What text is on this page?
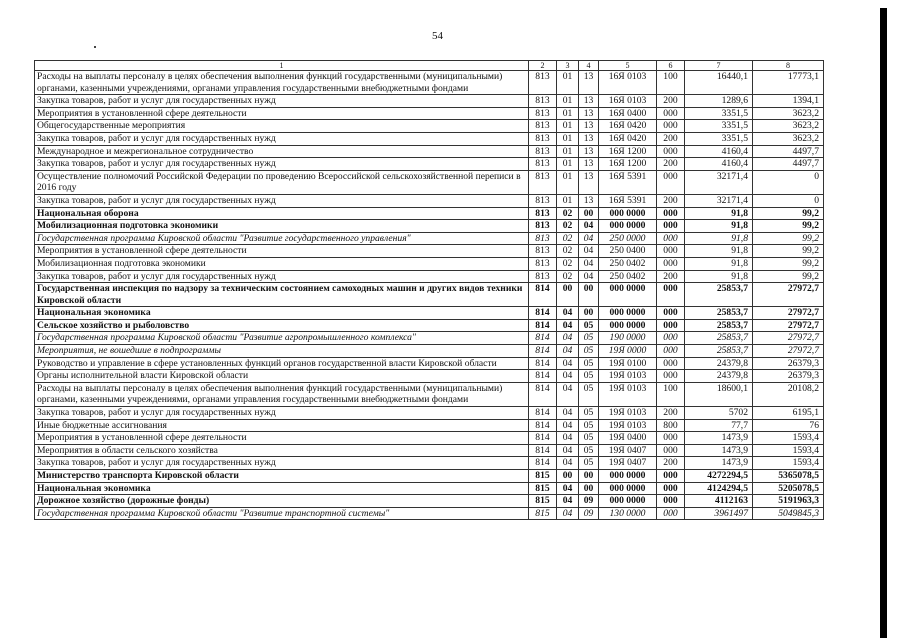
54
1	2	3	4	5	6	7	8
Расходы на выплаты персоналу в целях обеспечения выполнения функций государственными (муниципальными) органами, казенными учреждениями, органами управления государственными внебюджетными фондами	813	01	13	16Я 0103	100	16440,1	17773,1
Закупка товаров, работ и услуг для государственных нужд	813	01	13	16Я 0103	200	1289,6	1394,1
Мероприятия в установленной сфере деятельности	813	01	13	16Я 0400	000	3351,5	3623,2
Общегосударственные мероприятия	813	01	13	16Я 0420	000	3351,5	3623,2
Закупка товаров, работ и услуг для государственных нужд	813	01	13	16Я 0420	200	3351,5	3623,2
Международное и межрегиональное сотрудничество	813	01	13	16Я 1200	000	4160,4	4497,7
Закупка товаров, работ и услуг для государственных нужд	813	01	13	16Я 1200	200	4160,4	4497,7
Осуществление полномочий Российской Федерации по проведению Всероссийской сельскохозяйственной переписи в 2016 году	813	01	13	16Я 5391	000	32171,4	0
Закупка товаров, работ и услуг для государственных нужд	813	01	13	16Я 5391	200	32171,4	0
Национальная оборона	813	02	00	000 0000	000	91,8	99,2
Мобилизационная подготовка экономики	813	02	04	000 0000	000	91,8	99,2
Государственная программа Кировской области "Развитие государственного управления"	813	02	04	250 0000	000	91,8	99,2
Мероприятия в установленной сфере деятельности	813	02	04	250 0400	000	91,8	99,2
Мобилизационная подготовка экономики	813	02	04	250 0402	000	91,8	99,2
Закупка товаров, работ и услуг для государственных нужд	813	02	04	250 0402	200	91,8	99,2
Государственная инспекция по надзору за техническим состоянием самоходных машин и других видов техники Кировской области	814	00	00	000 0000	000	25853,7	27972,7
Национальная экономика	814	04	00	000 0000	000	25853,7	27972,7
Сельское хозяйство и рыболовство	814	04	05	000 0000	000	25853,7	27972,7
Государственная программа Кировской области "Развитие агропромышленного комплекса"	814	04	05	190 0000	000	25853,7	27972,7
Мероприятия, не вошедшие в подпрограммы	814	04	05	19Я 0000	000	25853,7	27972,7
Руководство и управление в сфере установленных функций органов государственной власти Кировской области	814	04	05	19Я 0100	000	24379,8	26379,3
Органы исполнительной власти Кировской области	814	04	05	19Я 0103	000	24379,8	26379,3
Расходы на выплаты персоналу в целях обеспечения выполнения функций государственными (муниципальными) органами, казенными учреждениями, органами управления государственными внебюджетными фондами	814	04	05	19Я 0103	100	18600,1	20108,2
Закупка товаров, работ и услуг для государственных нужд	814	04	05	19Я 0103	200	5702	6195,1
Иные бюджетные ассигнования	814	04	05	19Я 0103	800	77,7	76
Мероприятия в установленной сфере деятельности	814	04	05	19Я 0400	000	1473,9	1593,4
Мероприятия в области сельского хозяйства	814	04	05	19Я 0407	000	1473,9	1593,4
Закупка товаров, работ и услуг для государственных нужд	814	04	05	19Я 0407	200	1473,9	1593,4
Министерство транспорта Кировской области	815	00	00	000 0000	000	4272294,5	5365078,5
Национальная экономика	815	04	00	000 0000	000	4124294,5	5205078,5
Дорожное хозяйство (дорожные фонды)	815	04	09	000 0000	000	4112163	5191963,3
Государственная программа Кировской области "Развитие транспортной системы"	815	04	09	130 0000	000	3961497	5049845,3
